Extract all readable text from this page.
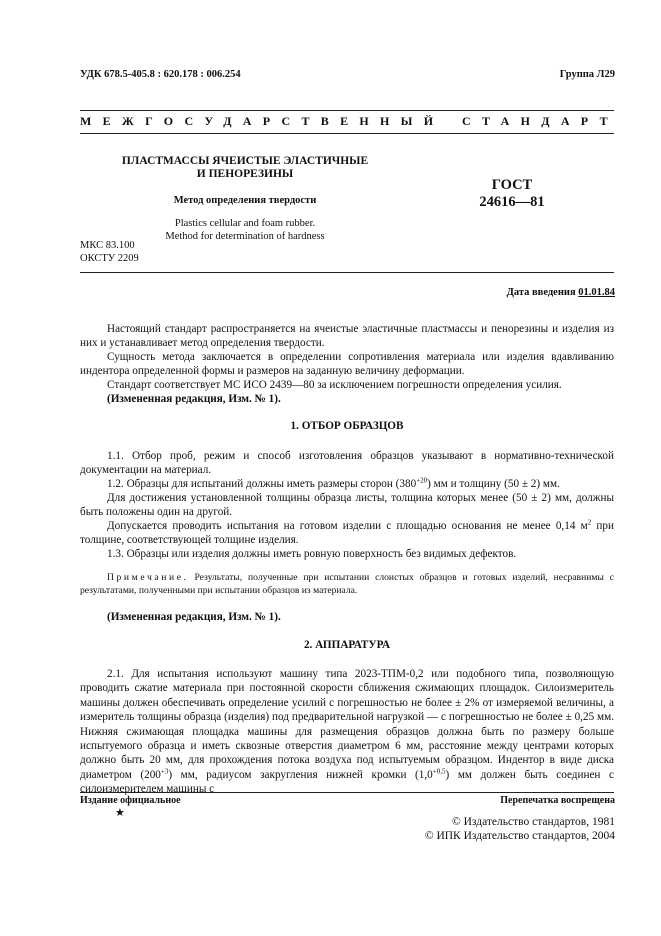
УДК 678.5-405.8 : 620.178 : 006.254	Группа Л29
МЕЖГОСУДАРСТВЕННЫЙ СТАНДАРТ
ПЛАСТМАССЫ ЯЧЕИСТЫЕ ЭЛАСТИЧНЫЕ
И ПЕНОРЕЗИНЫ
Метод определения твердости
Plastics cellular and foam rubber.
Method for determination of hardness
ГОСТ
24616—81
МКС 83.100
ОКСТУ 2209
Дата введения 01.01.84
Настоящий стандарт распространяется на ячеистые эластичные пластмассы и пенорезины и изделия из них и устанавливает метод определения твердости.
Сущность метода заключается в определении сопротивления материала или изделия вдавливанию индентора определенной формы и размеров на заданную величину деформации.
Стандарт соответствует МС ИСО 2439—80 за исключением погрешности определения усилия.
(Измененная редакция, Изм. № 1).
1. ОТБОР ОБРАЗЦОВ
1.1. Отбор проб, режим и способ изготовления образцов указывают в нормативно-технической документации на материал.
1.2. Образцы для испытаний должны иметь размеры сторон $(380^{+20})$ мм и толщину (50 ± 2) мм.
Для достижения установленной толщины образца листы, толщина которых менее (50 ± 2) мм, должны быть положены один на другой.
Допускается проводить испытания на готовом изделии с площадью основания не менее 0,14 $м^2$ при толщине, соответствующей толщине изделия.
1.3. Образцы или изделия должны иметь ровную поверхность без видимых дефектов.
Примечание. Результаты, полученные при испытании слоистых образцов и готовых изделий, несравнимы с результатами, полученными при испытании образцов из материала.
(Измененная редакция, Изм. № 1).
2. АППАРАТУРА
2.1. Для испытания используют машину типа 2023-ТПМ-0,2 или подобного типа, позволяющую проводить сжатие материала при постоянной скорости сближения сжимающих площадок. Силоизмеритель машины должен обеспечивать определение усилий с погрешностью не более ± 2% от измеряемой величины, а измеритель толщины образца (изделия) под предварительной нагрузкой — с погрешностью не более ± 0,25 мм. Нижняя сжимающая площадка машины для размещения образцов должна быть по размеру больше испытуемого образца и иметь сквозные отверстия диаметром 6 мм, расстояние между центрами которых должно быть 20 мм, для прохождения потока воздуха под испытуемым образцом. Индентор в виде диска диаметром $(200^{+3})$ мм, радиусом закругления нижней кромки $(1,0^{+0,5})$ мм должен быть соединен с силоизмерителем машины с
Издание официальное
★
Перепечатка воспрещена
© Издательство стандартов, 1981
© ИПК Издательство стандартов, 2004
